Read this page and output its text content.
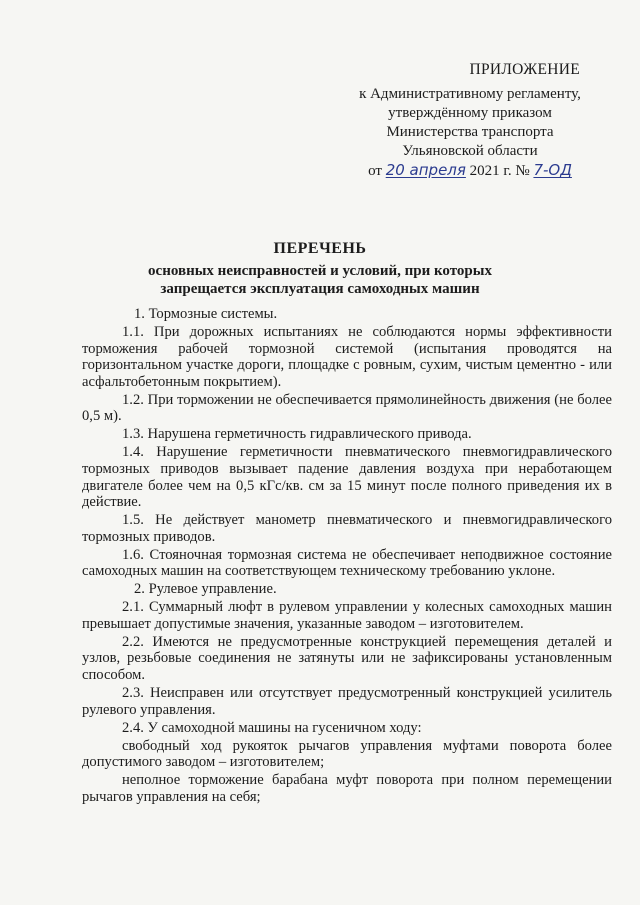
ПРИЛОЖЕНИЕ
к Административному регламенту,
утверждённому приказом
Министерства транспорта
Ульяновской области
от 20 апреля 2021 г. № 7-ОД
ПЕРЕЧЕНЬ
основных неисправностей и условий, при которых
запрещается эксплуатация самоходных машин

1. Тормозные системы.

1.1. При дорожных испытаниях не соблюдаются нормы эффективности торможения рабочей тормозной системой (испытания проводятся на горизонтальном участке дороги, площадке с ровным, сухим, чистым цементно - или асфальтобетонным покрытием).

1.2. При торможении не обеспечивается прямолинейность движения (не более 0,5 м).

1.3. Нарушена герметичность гидравлического привода.

1.4. Нарушение герметичности пневматического пневмогидравлического тормозных приводов вызывает падение давления воздуха при неработающем двигателе более чем на 0,5 кГс/кв. см за 15 минут после полного приведения их в действие.

1.5. Не действует манометр пневматического и пневмогидравлического тормозных приводов.

1.6. Стояночная тормозная система не обеспечивает неподвижное состояние самоходных машин на соответствующем техническому требованию уклоне.

2. Рулевое управление.

2.1. Суммарный люфт в рулевом управлении у колесных самоходных машин превышает допустимые значения, указанные заводом – изготовителем.

2.2. Имеются не предусмотренные конструкцией перемещения деталей и узлов, резьбовые соединения не затянуты или не зафиксированы установленным способом.

2.3. Неисправен или отсутствует предусмотренный конструкцией усилитель рулевого управления.

2.4. У самоходной машины на гусеничном ходу:

свободный ход рукояток рычагов управления муфтами поворота более допустимого заводом – изготовителем;

неполное торможение барабана муфт поворота при полном перемещении рычагов управления на себя;
